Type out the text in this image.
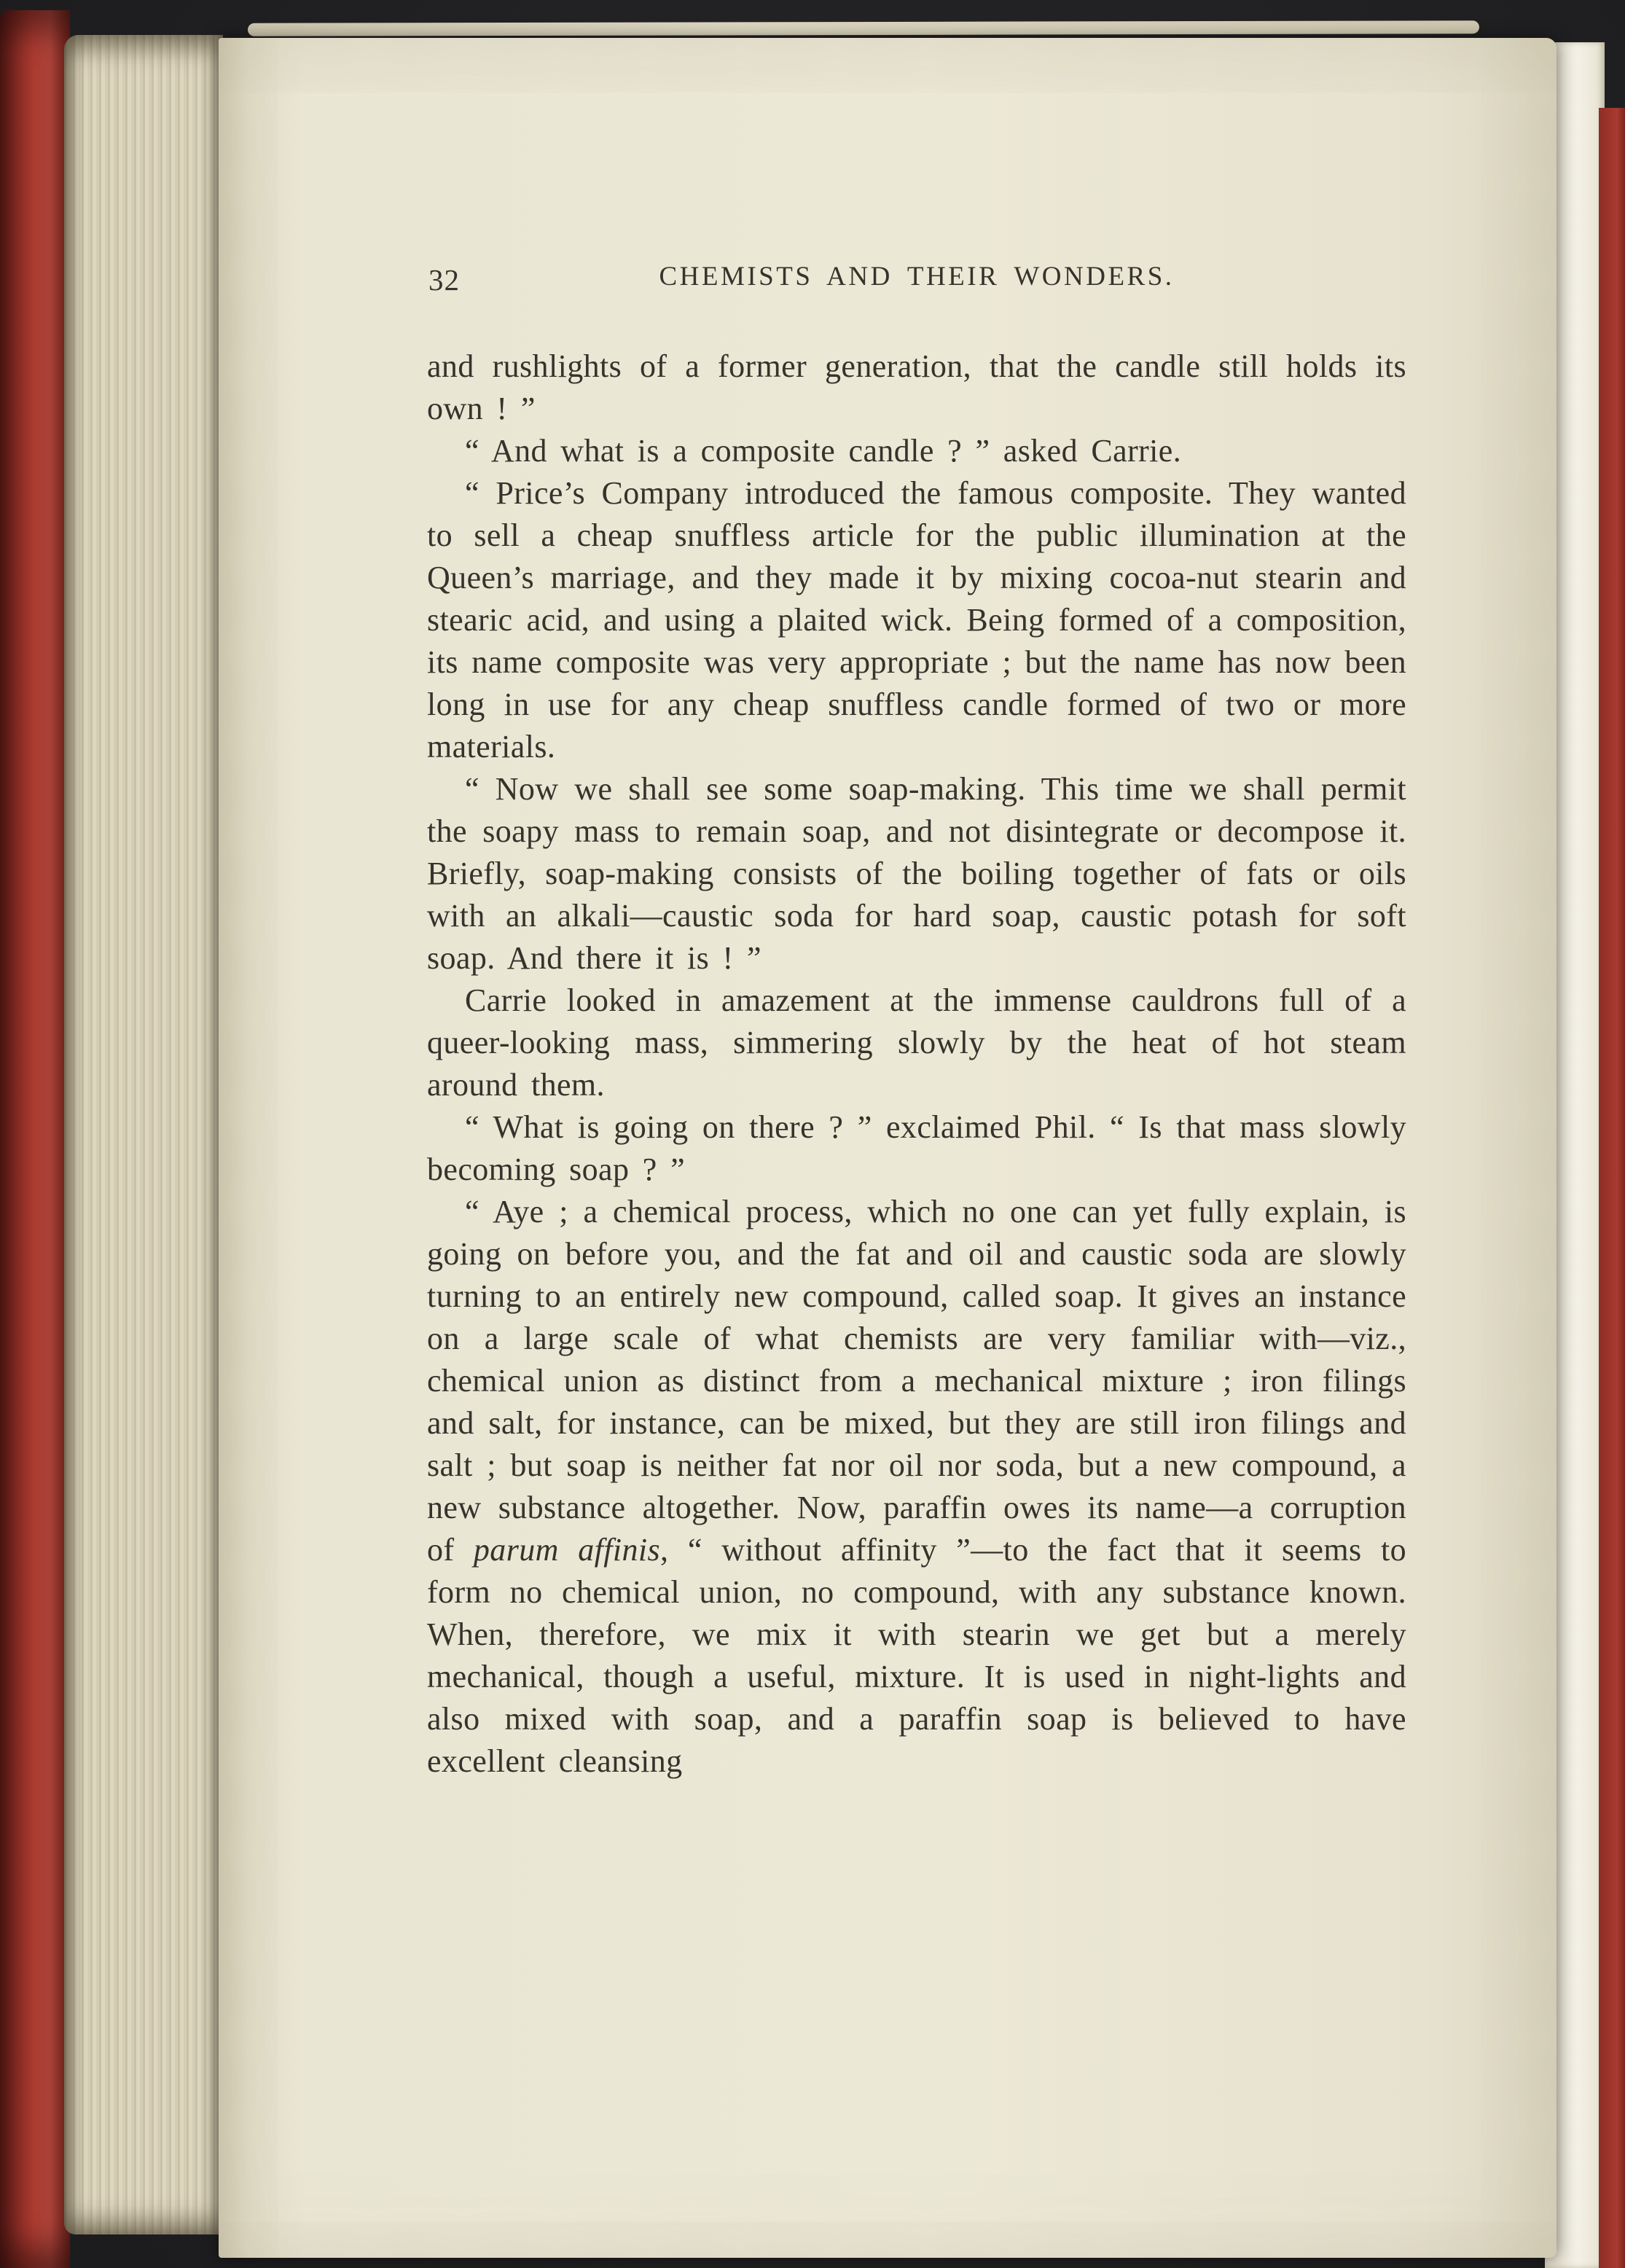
32	CHEMISTS AND THEIR WONDERS.

and rushlights of a former generation, that the candle still holds its own ! ”

“ And what is a composite candle ? ” asked Carrie.

“ Price’s Company introduced the famous composite. They wanted to sell a cheap snuffless article for the public illumination at the Queen’s marriage, and they made it by mixing cocoa-nut stearin and stearic acid, and using a plaited wick. Being formed of a composition, its name composite was very appropriate ; but the name has now been long in use for any cheap snuffless candle formed of two or more materials.

“ Now we shall see some soap-making. This time we shall permit the soapy mass to remain soap, and not disintegrate or decompose it. Briefly, soap-making consists of the boiling together of fats or oils with an alkali—caustic soda for hard soap, caustic potash for soft soap. And there it is ! ”

Carrie looked in amazement at the immense cauldrons full of a queer-looking mass, simmering slowly by the heat of hot steam around them.

“ What is going on there ? ” exclaimed Phil. “ Is that mass slowly becoming soap ? ”

“ Aye ; a chemical process, which no one can yet fully explain, is going on before you, and the fat and oil and caustic soda are slowly turning to an entirely new compound, called soap. It gives an instance on a large scale of what chemists are very familiar with—viz., chemical union as distinct from a mechanical mixture ; iron filings and salt, for instance, can be mixed, but they are still iron filings and salt ; but soap is neither fat nor oil nor soda, but a new compound, a new substance altogether. Now, paraffin owes its name—a corruption of parum affinis, “ without affinity ”—to the fact that it seems to form no chemical union, no compound, with any substance known. When, therefore, we mix it with stearin we get but a merely mechanical, though a useful, mixture. It is used in night-lights and also mixed with soap, and a paraffin soap is believed to have excellent cleansing
